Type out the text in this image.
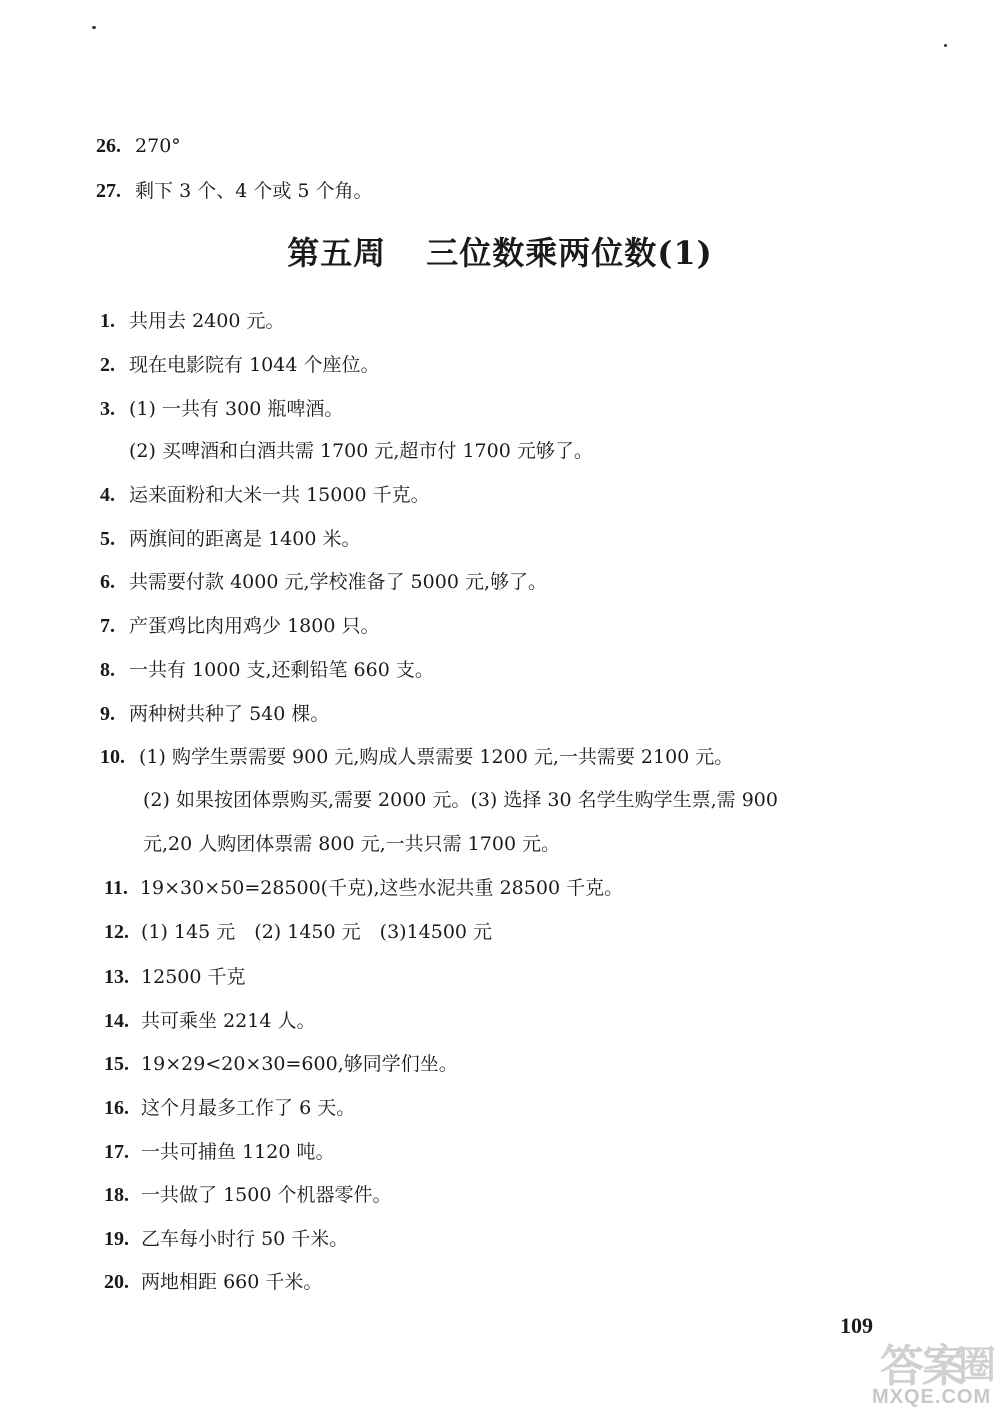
26 . 270°
27 . 剩下 3 个、4 个或 5 个角。
第五周 三位数乘两位数(1)
1 . 共用去 2400 元。
2 . 现在电影院有 1044 个座位。
3 . (1) 一共有 300 瓶啤酒。
(2) 买啤酒和白酒共需 1700 元,超市付 1700 元够了。
4 . 运来面粉和大米一共 15000 千克。
5 . 两旗间的距离是 1400 米。
6 . 共需要付款 4000 元,学校准备了 5000 元,够了。
7 . 产蛋鸡比肉用鸡少 1800 只。
8 . 一共有 1000 支,还剩铅笔 660 支。
9 . 两种树共种了 540 棵。
10 . (1) 购学生票需要 900 元,购成人票需要 1200 元,一共需要 2100 元。
(2) 如果按团体票购买,需要 2000 元。(3) 选择 30 名学生购学生票,需 900
元,20 人购团体票需 800 元,一共只需 1700 元。
11 . 19×30×50=28500(千克),这些水泥共重 28500 千克。
12 . (1) 145 元　(2) 1450 元　(3)14500 元
13 . 12500 千克
14 . 共可乘坐 2214 人。
15 . 19×29<20×30=600,够同学们坐。
16 . 这个月最多工作了 6 天。
17 . 一共可捕鱼 1120 吨。
18 . 一共做了 1500 个机器零件。
19 . 乙车每小时行 50 千米。
20 . 两地相距 660 千米。
109
答
案
圈
MXQE.COM
